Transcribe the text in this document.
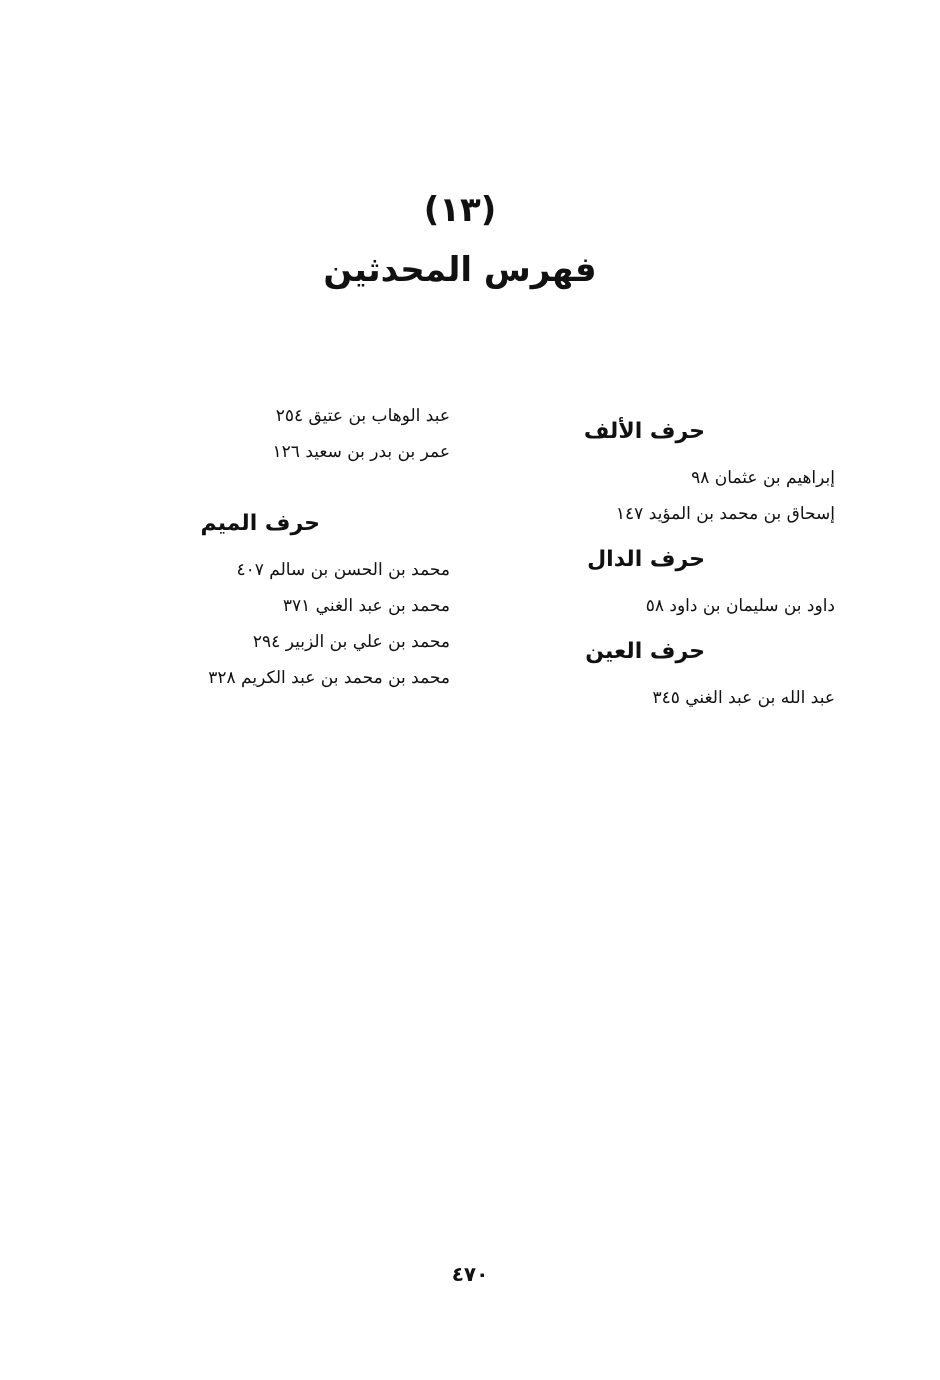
(١٣)
فهرس المحدثين
حرف الألف
إبراهيم بن عثمان ٩٨
إسحاق بن محمد بن المؤيد ١٤٧
حرف الدال
داود بن سليمان بن داود ٥٨
حرف العين
عبد الله بن عبد الغني ٣٤٥
عبد الوهاب بن عتيق ٢٥٤
عمر بن بدر بن سعيد ١٢٦
حرف الميم
محمد بن الحسن بن سالم ٤٠٧
محمد بن عبد الغني ٣٧١
محمد بن علي بن الزبير ٢٩٤
محمد بن محمد بن عبد الكريم ٣٢٨
٤٧٠
